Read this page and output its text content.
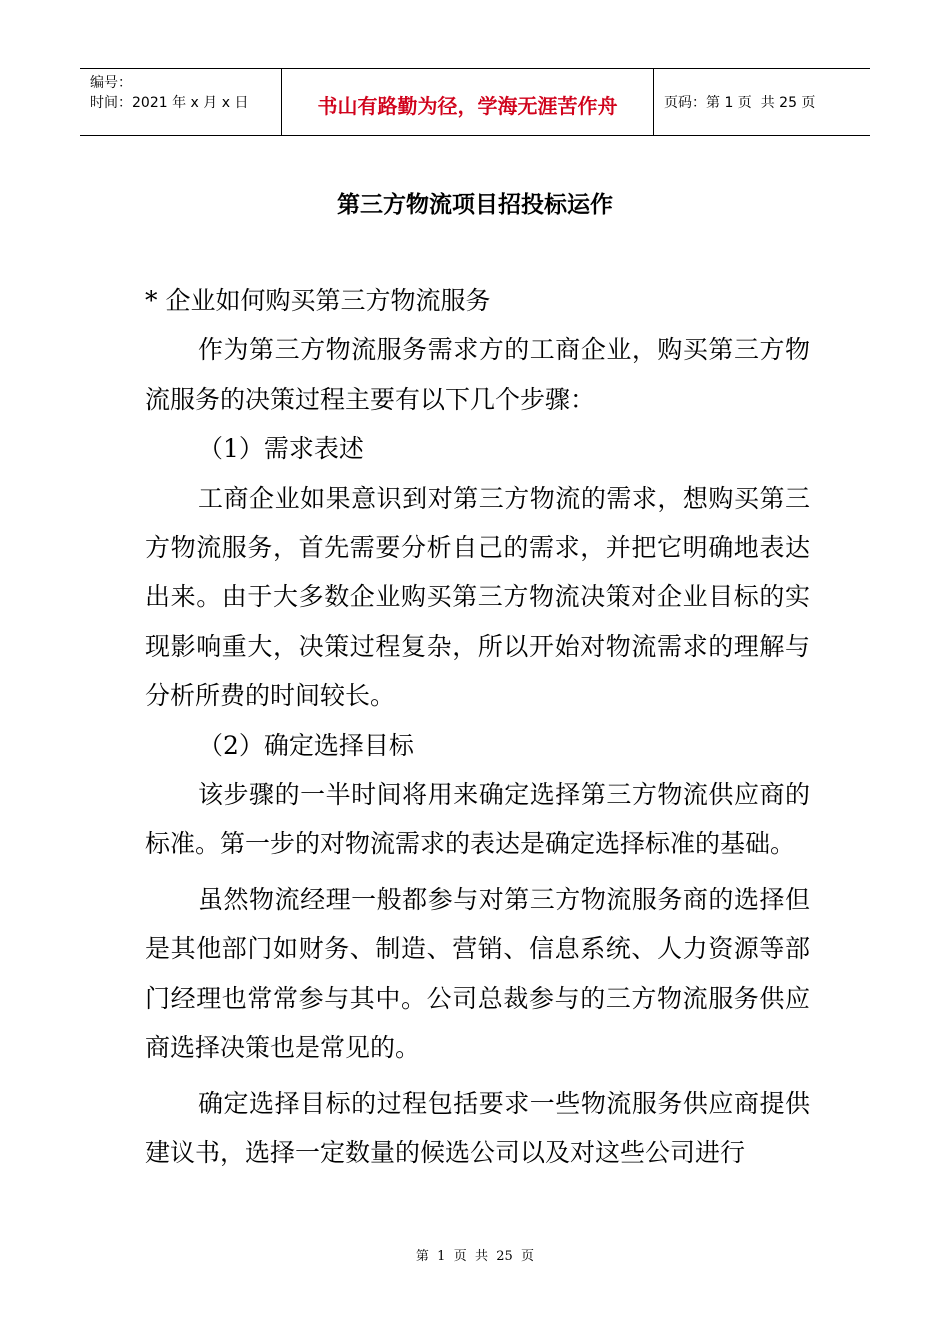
编号：
时间：2021 年 x 月 x 日	书山有路勤为径，学海无涯苦作舟	页码：第 1 页  共 25 页
第三方物流项目招投标运作

* 企业如何购买第三方物流服务

作为第三方物流服务需求方的工商企业，购买第三方物流服务的决策过程主要有以下几个步骤：

（1）需求表述

工商企业如果意识到对第三方物流的需求，想购买第三方物流服务，首先需要分析自己的需求，并把它明确地表达出来。由于大多数企业购买第三方物流决策对企业目标的实现影响重大，决策过程复杂，所以开始对物流需求的理解与分析所费的时间较长。

（2）确定选择目标

该步骤的一半时间将用来确定选择第三方物流供应商的标准。第一步的对物流需求的表达是确定选择标准的基础。

虽然物流经理一般都参与对第三方物流服务商的选择但是其他部门如财务、制造、营销、信息系统、人力资源等部门经理也常常参与其中。公司总裁参与的三方物流服务供应商选择决策也是常见的。

确定选择目标的过程包括要求一些物流服务供应商提供建议书，选择一定数量的候选公司以及对这些公司进行

第  1  页  共  25  页
